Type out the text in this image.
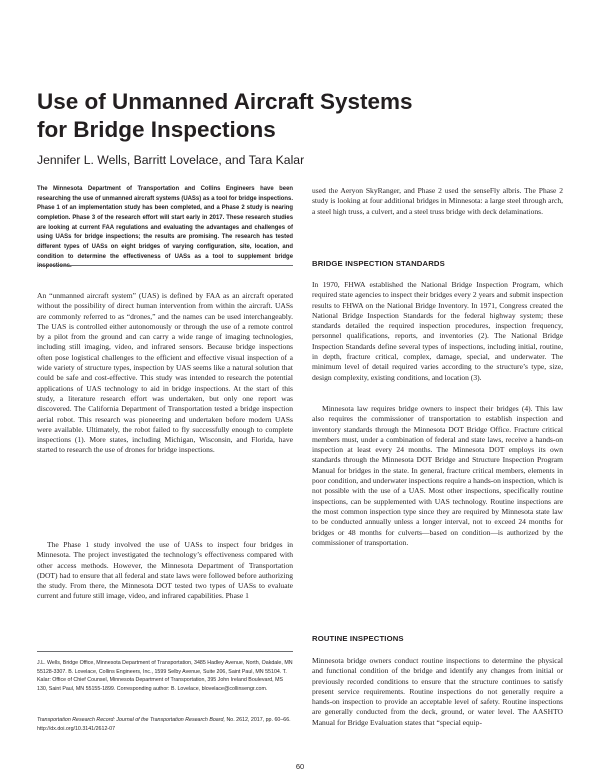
Use of Unmanned Aircraft Systems
for Bridge Inspections
Jennifer L. Wells, Barritt Lovelace, and Tara Kalar

The Minnesota Department of Transportation and Collins Engineers have been researching the use of unmanned aircraft systems (UASs) as a tool for bridge inspections. Phase 1 of an implementation study has been completed, and a Phase 2 study is nearing completion. Phase 3 of the research effort will start early in 2017. These research studies are looking at current FAA regulations and evaluating the advantages and challenges of using UASs for bridge inspections; the results are promising. The research has tested different types of UASs on eight bridges of varying configuration, site, location, and condition to determine the effectiveness of UASs as a tool to supplement bridge inspections.

An “unmanned aircraft system” (UAS) is defined by FAA as an aircraft operated without the possibility of direct human intervention from within the aircraft. UASs are commonly referred to as “drones,” and the names can be used interchangeably. The UAS is controlled either autonomously or through the use of a remote control by a pilot from the ground and can carry a wide range of imaging technologies, including still imaging, video, and infrared sensors. Because bridge inspections often pose logistical challenges to the efficient and effective visual inspection of a wide variety of structure types, inspection by UAS seems like a natural solution that could be safe and cost-effective. This study was intended to research the potential applications of UAS technology to aid in bridge inspections. At the start of this study, a literature research effort was undertaken, but only one report was discovered. The California Department of Transportation tested a bridge inspection aerial robot. This research was pioneering and undertaken before modern UASs were available. Ultimately, the robot failed to fly successfully enough to complete inspections (1). More states, including Michigan, Wisconsin, and Florida, have started to research the use of drones for bridge inspections.

The Phase 1 study involved the use of UASs to inspect four bridges in Minnesota. The project investigated the technology’s effectiveness compared with other access methods. However, the Minnesota Department of Transportation (DOT) had to ensure that all federal and state laws were followed before authorizing the study. From there, the Minnesota DOT tested two types of UASs to evaluate current and future still image, video, and infrared capabilities. Phase 1

J.L. Wells, Bridge Office, Minnesota Department of Transportation, 3485 Hadley Avenue, North, Oakdale, MN 55128-3307. B. Lovelace, Collins Engineers, Inc., 1599 Selby Avenue, Suite 206, Saint Paul, MN 55104. T. Kalar: Office of Chief Counsel, Minnesota Department of Transportation, 395 John Ireland Boulevard, MS 130, Saint Paul, MN 55155-1899. Corresponding author: B. Lovelace, blovelace@collinsengr.com.

Transportation Research Record: Journal of the Transportation Research Board, No. 2612, 2017, pp. 60–66.
http://dx.doi.org/10.3141/2612-07

used the Aeryon SkyRanger, and Phase 2 used the senseFly albris. The Phase 2 study is looking at four additional bridges in Minnesota: a large steel through arch, a steel high truss, a culvert, and a steel truss bridge with deck delaminations.

BRIDGE INSPECTION STANDARDS

In 1970, FHWA established the National Bridge Inspection Program, which required state agencies to inspect their bridges every 2 years and submit inspection results to FHWA on the National Bridge Inventory. In 1971, Congress created the National Bridge Inspection Standards for the federal highway system; these standards detailed the required inspection procedures, inspection frequency, personnel qualifications, reports, and inventories (2). The National Bridge Inspection Standards define several types of inspections, including initial, routine, in depth, fracture critical, complex, damage, special, and underwater. The minimum level of detail required varies according to the structure’s type, size, design complexity, existing conditions, and location (3).

Minnesota law requires bridge owners to inspect their bridges (4). This law also requires the commissioner of transportation to establish inspection and inventory standards through the Minnesota DOT Bridge Office. Fracture critical members must, under a combination of federal and state laws, receive a hands-on inspection at least every 24 months. The Minnesota DOT employs its own standards through the Minnesota DOT Bridge and Structure Inspection Program Manual for bridges in the state. In general, fracture critical members, elements in poor condition, and underwater inspections require a hands-on inspection, which is not possible with the use of a UAS. Most other inspections, specifically routine inspections, can be supplemented with UAS technology. Routine inspections are the most common inspection type since they are required by Minnesota state law to be conducted annually unless a longer interval, not to exceed 24 months for bridges or 48 months for culverts—based on condition—is authorized by the commissioner of transportation.

ROUTINE INSPECTIONS

Minnesota bridge owners conduct routine inspections to determine the physical and functional condition of the bridge and identify any changes from initial or previously recorded conditions to ensure that the structure continues to satisfy present service requirements. Routine inspections do not generally require a hands-on inspection to provide an acceptable level of safety. Routine inspections are generally conducted from the deck, ground, or water level. The AASHTO Manual for Bridge Evaluation states that “special equip-

60
